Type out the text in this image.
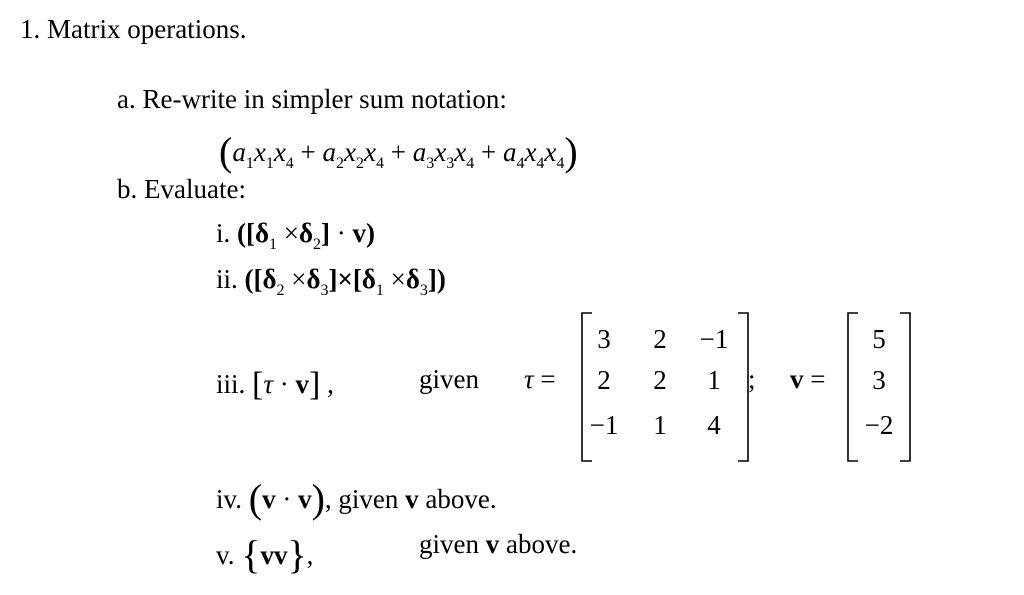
1. Matrix operations.
a. Re-write in simpler sum notation:
$(a_1x_1x_4 + a_2x_2x_4 + a_3x_3x_4 + a_4x_4x_4)$
b. Evaluate:
i. $([\delta_1 \times\delta_2] \cdot v)$
ii. $([\delta_2 \times\delta_3]\times[\delta_1 \times\delta_3])$
iii. [τ · v] ,	given τ =
3	2	−1
2	2	1
−1	1	4
; v =
5
3
−2
iv. (v · v), given v above.
v. {vv},	given v above.
